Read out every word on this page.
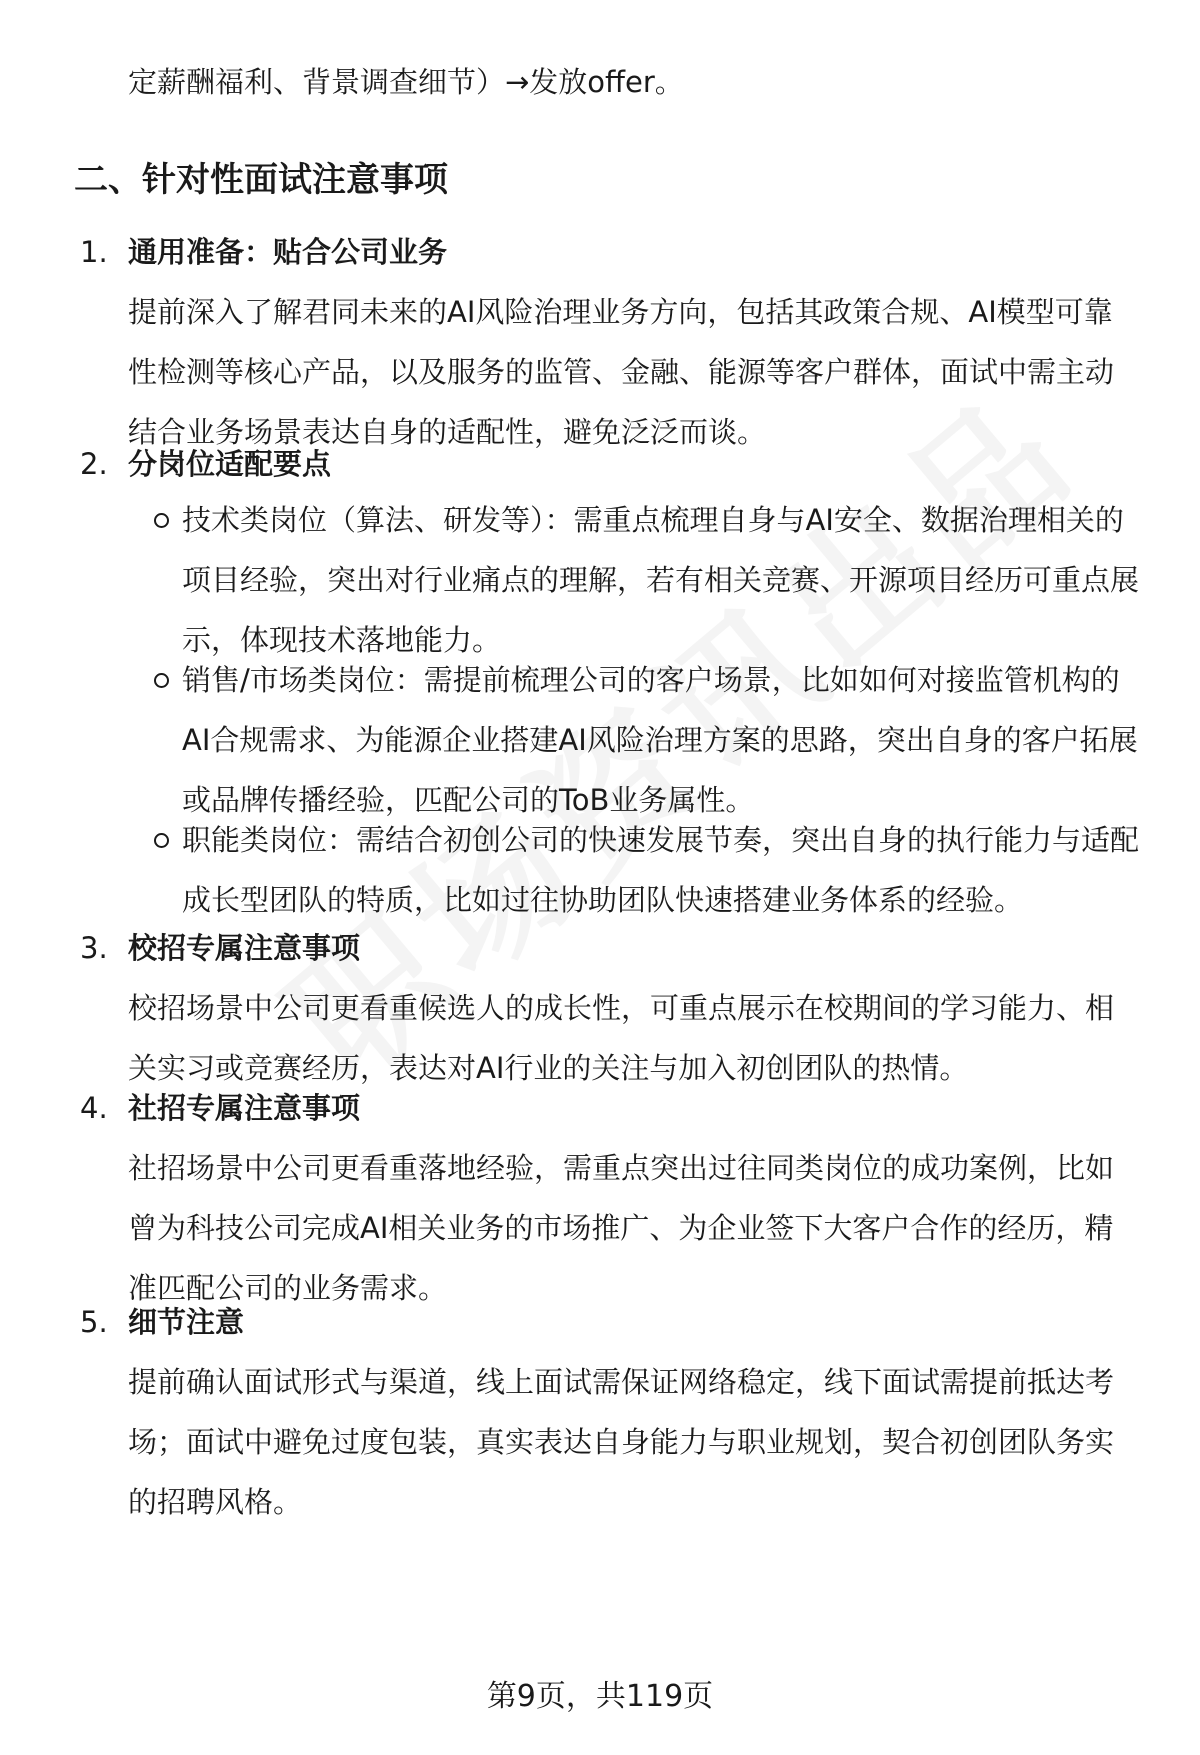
定薪酬福利、背景调查细节）→发放offer。
二、针对性面试注意事项
1. 通用准备：贴合公司业务
提前深入了解君同未来的AI风险治理业务方向，包括其政策合规、AI模型可靠性检测等核心产品，以及服务的监管、金融、能源等客户群体，面试中需主动结合业务场景表达自身的适配性，避免泛泛而谈。
2. 分岗位适配要点
技术类岗位（算法、研发等）：需重点梳理自身与AI安全、数据治理相关的项目经验，突出对行业痛点的理解，若有相关竞赛、开源项目经历可重点展示，体现技术落地能力。
销售/市场类岗位：需提前梳理公司的客户场景，比如如何对接监管机构的AI合规需求、为能源企业搭建AI风险治理方案的思路，突出自身的客户拓展或品牌传播经验，匹配公司的ToB业务属性。
职能类岗位：需结合初创公司的快速发展节奏，突出自身的执行能力与适配成长型团队的特质，比如过往协助团队快速搭建业务体系的经验。
3. 校招专属注意事项
校招场景中公司更看重候选人的成长性，可重点展示在校期间的学习能力、相关实习或竞赛经历，表达对AI行业的关注与加入初创团队的热情。
4. 社招专属注意事项
社招场景中公司更看重落地经验，需重点突出过往同类岗位的成功案例，比如曾为科技公司完成AI相关业务的市场推广、为企业签下大客户合作的经历，精准匹配公司的业务需求。
5. 细节注意
提前确认面试形式与渠道，线上面试需保证网络稳定，线下面试需提前抵达考场；面试中避免过度包装，真实表达自身能力与职业规划，契合初创团队务实的招聘风格。
第9页，共119页
